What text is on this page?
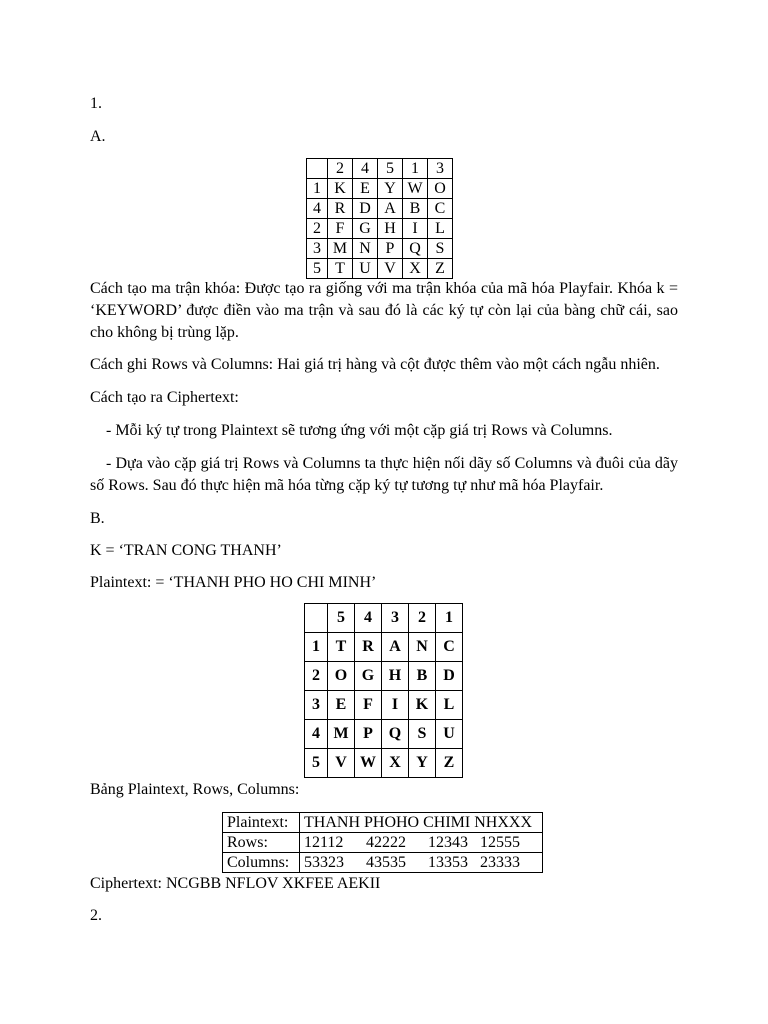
1.
A.
	2	4	5	1	3
1	K	E	Y	W	O
4	R	D	A	B	C
2	F	G	H	I	L
3	M	N	P	Q	S
5	T	U	V	X	Z
Cách tạo ma trận khóa: Được tạo ra giống với ma trận khóa của mã hóa Playfair. Khóa k = ‘KEYWORD’ được điền vào ma trận và sau đó là các ký tự còn lại của bàng chữ cái, sao cho không bị trùng lặp.
Cách ghi Rows và Columns: Hai giá trị hàng và cột được thêm vào một cách ngẫu nhiên.
Cách tạo ra Ciphertext:
- Mỗi ký tự trong Plaintext sẽ tương ứng với một cặp giá trị Rows và Columns.
- Dựa vào cặp giá trị Rows và Columns ta thực hiện nối dãy số Columns và đuôi của dãy số Rows. Sau đó thực hiện mã hóa từng cặp ký tự tương tự như mã hóa Playfair.
B.
K = ‘TRAN CONG THANH’
Plaintext: = ‘THANH PHO HO CHI MINH’
	5	4	3	2	1
1	T	R	A	N	C
2	O	G	H	B	D
3	E	F	I	K	L
4	M	P	Q	S	U
5	V	W	X	Y	Z
Bảng Plaintext, Rows, Columns:
Plaintext:	THANH PHOHO CHIMI NHXXX
Rows:	12112 42222 12343 12555
Columns:	53323 43535 13353 23333
Ciphertext: NCGBB NFLOV XKFEE AEKII
2.
